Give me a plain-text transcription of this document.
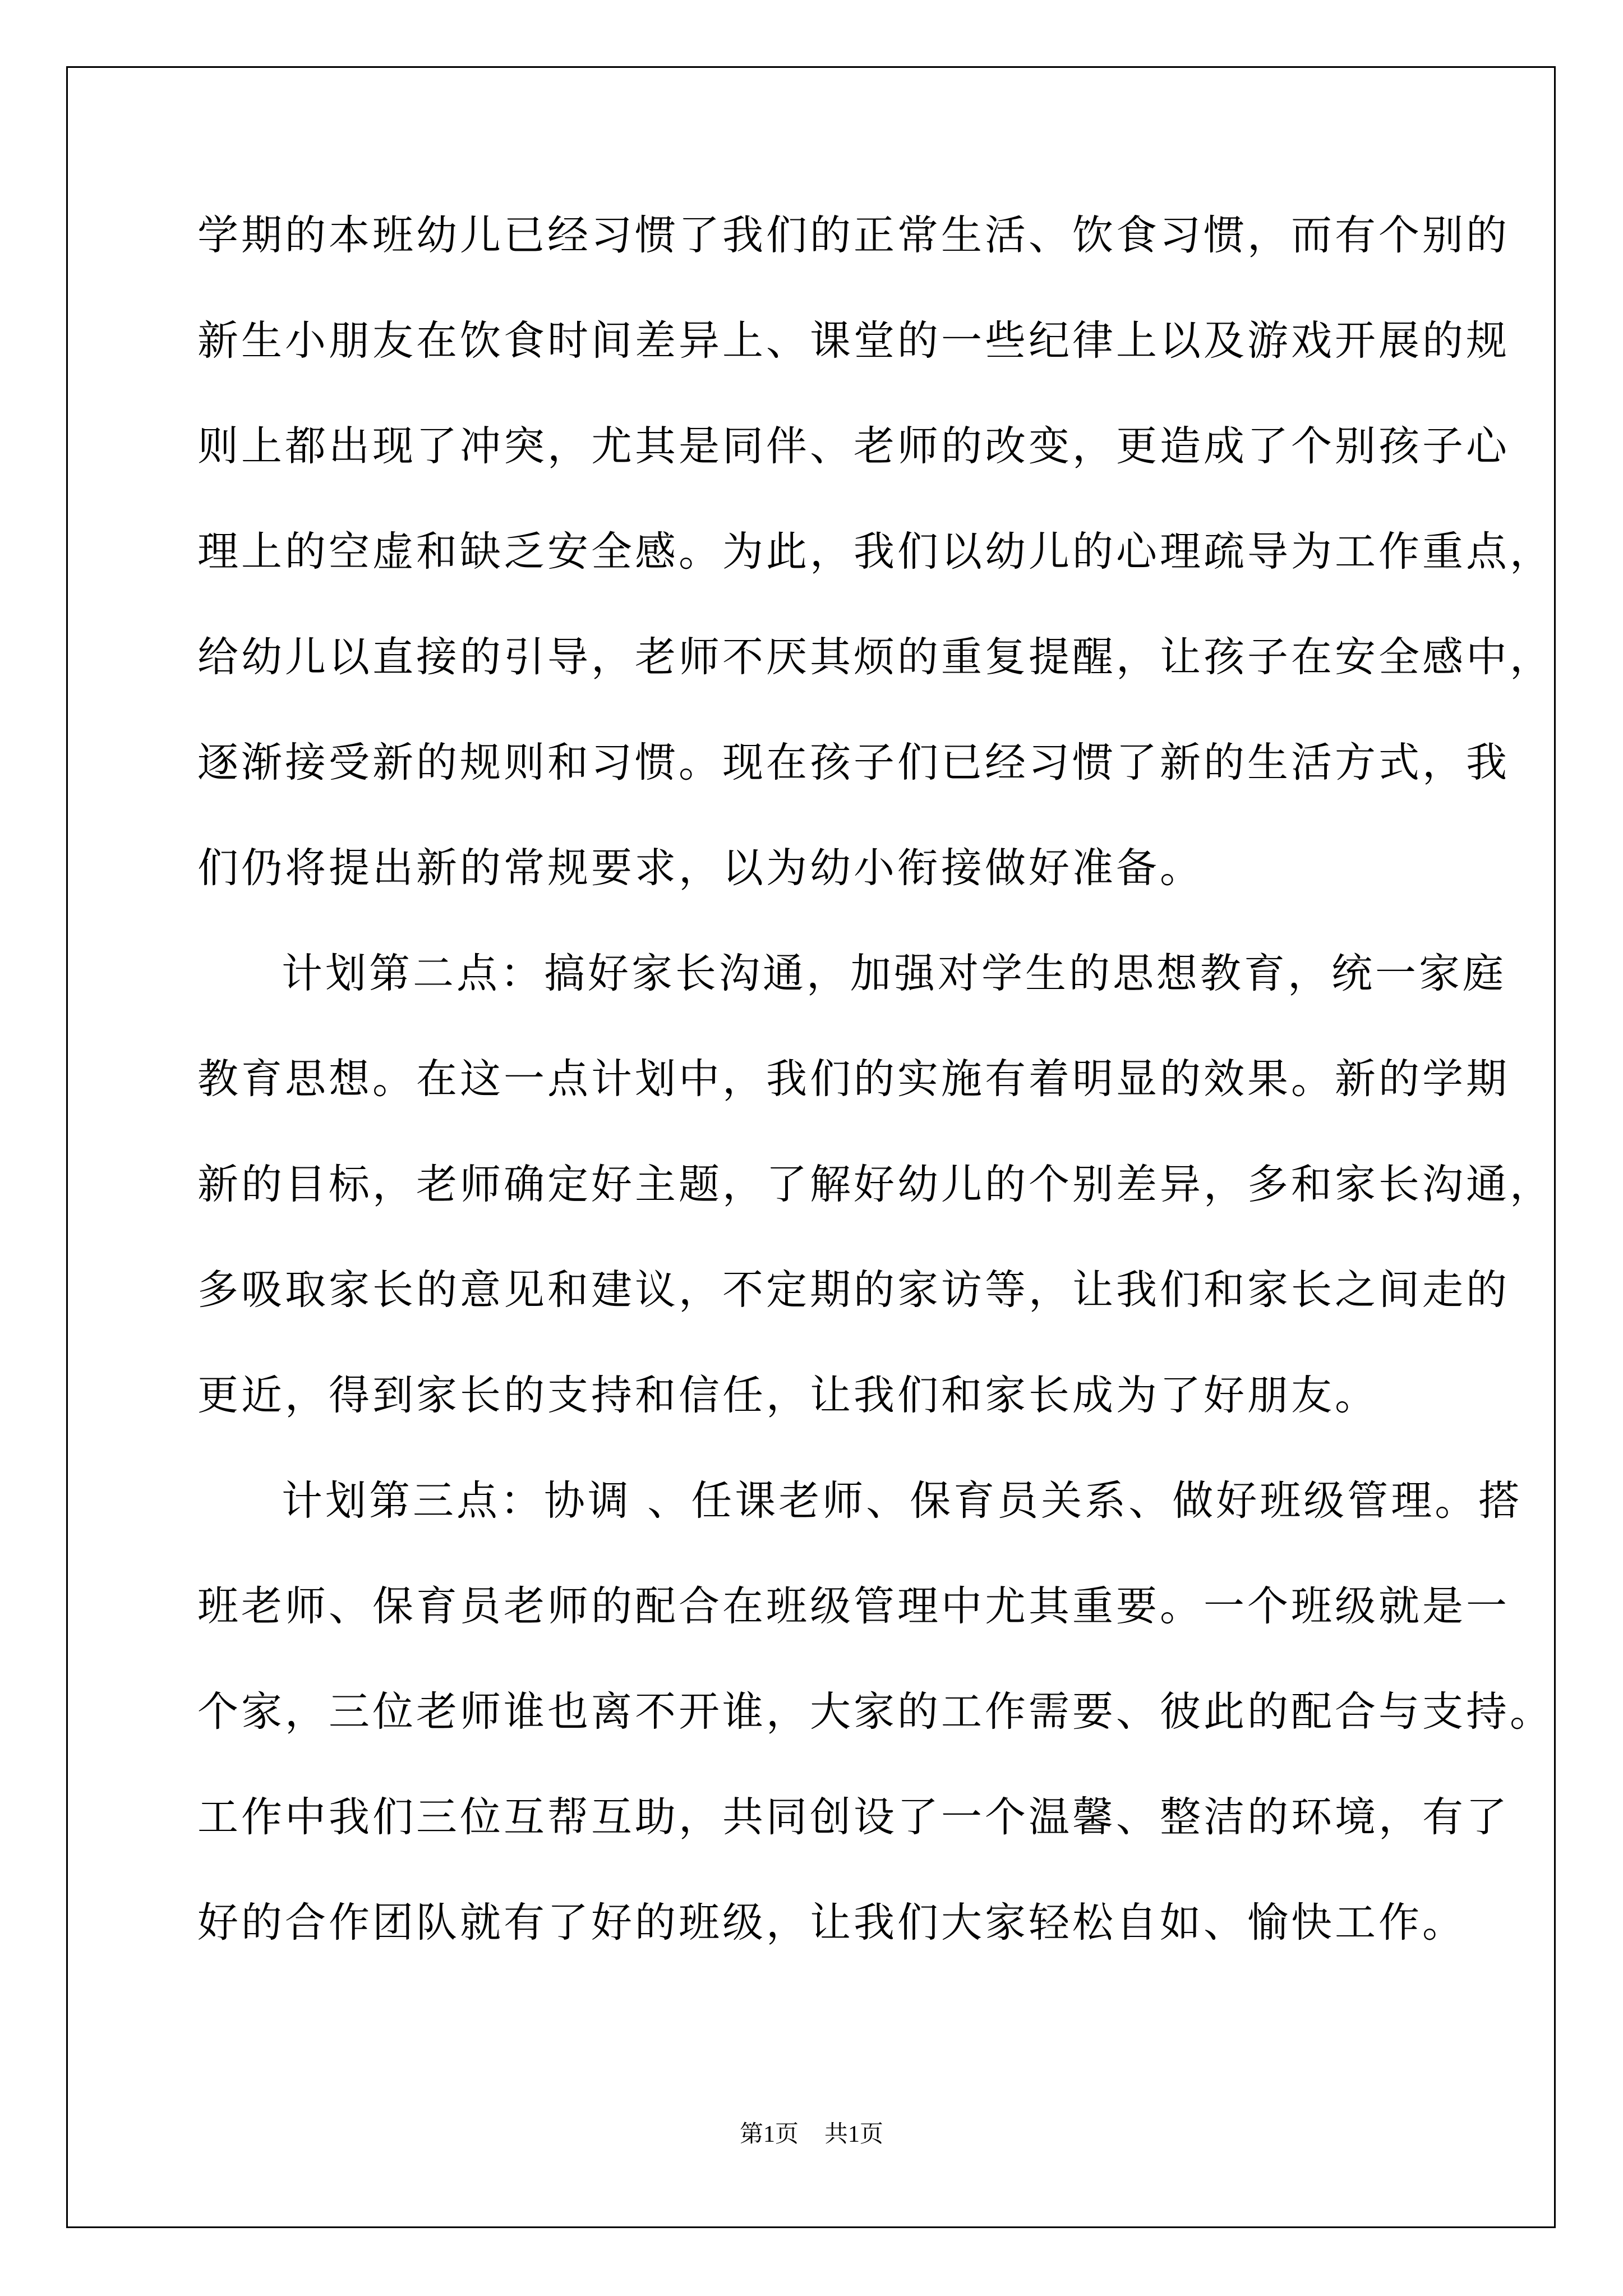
学期的本班幼儿已经习惯了我们的正常生活、饮食习惯，而有个别的
新生小朋友在饮食时间差异上、课堂的一些纪律上以及游戏开展的规
则上都出现了冲突，尤其是同伴、老师的改变，更造成了个别孩子心
理上的空虚和缺乏安全感。为此，我们以幼儿的心理疏导为工作重点，
给幼儿以直接的引导，老师不厌其烦的重复提醒，让孩子在安全感中，
逐渐接受新的规则和习惯。现在孩子们已经习惯了新的生活方式，我
们仍将提出新的常规要求，以为幼小衔接做好准备。
计划第二点：搞好家长沟通，加强对学生的思想教育，统一家庭
教育思想。在这一点计划中，我们的实施有着明显的效果。新的学期
新的目标，老师确定好主题，了解好幼儿的个别差异，多和家长沟通，
多吸取家长的意见和建议，不定期的家访等，让我们和家长之间走的
更近，得到家长的支持和信任，让我们和家长成为了好朋友。
计划第三点：协调 、任课老师、保育员关系、做好班级管理。搭
班老师、保育员老师的配合在班级管理中尤其重要。一个班级就是一
个家，三位老师谁也离不开谁，大家的工作需要、彼此的配合与支持。
工作中我们三位互帮互助，共同创设了一个温馨、整洁的环境，有了
好的合作团队就有了好的班级，让我们大家轻松自如、愉快工作。
第1页 共1页
